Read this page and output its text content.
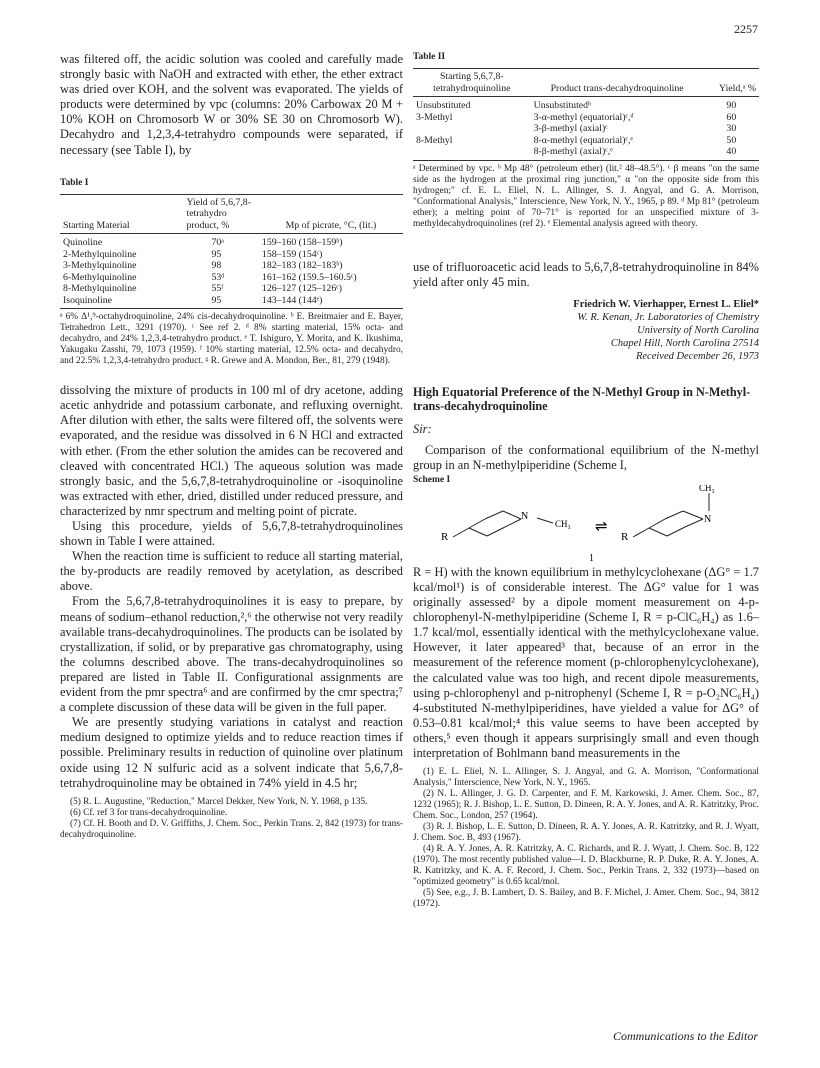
2257

was filtered off, the acidic solution was cooled and carefully made strongly basic with NaOH and extracted with ether, the ether extract was dried over KOH, and the solvent was evaporated. The yields of products were determined by vpc (columns: 20% Carbowax 20 M + 10% KOH on Chromosorb W or 30% SE 30 on Chromosorb W). Decahydro and 1,2,3,4-tetrahydro compounds were separated, if necessary (see Table I), by

Table I
Starting Material	Yield of 5,6,7,8-tetrahydro product, %	Mp of picrate, °C, (lit.)
Quinoline	70ᵃ	159–160 (158–159ᵇ)
2-Methylquinoline	95	158–159 (154ᶜ)
3-Methylquinoline	98	182–183 (182–183ᵇ)
6-Methylquinoline	53ᵈ	161–162 (159.5–160.5ᶜ)
8-Methylquinoline	55ᶠ	126–127 (125–126ᶜ)
Isoquinoline	95	143–144 (144ᵉ)
ᵃ 6% Δ¹,⁹-octahydroquinoline, 24% cis-decahydroquinoline. ᵇ E. Breitmaier and E. Bayer, Tetrahedron Lett., 3291 (1970). ᶜ See ref 2. ᵈ 8% starting material, 15% octa- and decahydro, and 24% 1,2,3,4-tetrahydro product. ᵉ T. Ishiguro, Y. Morita, and K. Ikushima, Yakugaku Zasshi, 79, 1073 (1959). ᶠ 10% starting material, 12.5% octa- and decahydro, and 22.5% 1,2,3,4-tetrahydro product. ᵍ R. Grewe and A. Mondon, Ber., 81, 279 (1948).

dissolving the mixture of products in 100 ml of dry acetone, adding acetic anhydride and potassium carbonate, and refluxing overnight. After dilution with ether, the salts were filtered off, the solvents were evaporated, and the residue was dissolved in 6 N HCl and extracted with ether. (From the ether solution the amides can be recovered and cleaved with concentrated HCl.) The aqueous solution was made strongly basic, and the 5,6,7,8-tetrahydroquinoline or -isoquinoline was extracted with ether, dried, distilled under reduced pressure, and characterized by nmr spectrum and melting point of picrate.

Using this procedure, yields of 5,6,7,8-tetrahydroquinolines shown in Table I were attained.

When the reaction time is sufficient to reduce all starting material, the by-products are readily removed by acetylation, as described above.

From the 5,6,7,8-tetrahydroquinolines it is easy to prepare, by means of sodium–ethanol reduction,²,⁶ the otherwise not very readily available trans-decahydroquinolines. The products can be isolated by crystallization, if solid, or by preparative gas chromatography, using the columns described above. The trans-decahydroquinolines so prepared are listed in Table II. Configurational assignments are evident from the pmr spectra⁶ and are confirmed by the cmr spectra;⁷ a complete discussion of these data will be given in the full paper.

We are presently studying variations in catalyst and reaction medium designed to optimize yields and to reduce reaction times if possible. Preliminary results in reduction of quinoline over platinum oxide using 12 N sulfuric acid as a solvent indicate that 5,6,7,8-tetrahydroquinoline may be obtained in 74% yield in 4.5 hr;

(5) R. L. Augustine, "Reduction," Marcel Dekker, New York, N. Y. 1968, p 135.
(6) Cf. ref 3 for trans-decahydroquinoline.
(7) Cf. H. Booth and D. V. Griffiths, J. Chem. Soc., Perkin Trans. 2, 842 (1973) for trans-decahydroquinoline.
Table II
Starting 5,6,7,8-tetrahydroquinoline	Product trans-decahydroquinoline	Yield,ᵃ %
Unsubstituted	Unsubstitutedᵇ	90
3-Methyl	3-α-methyl (equatorial)ᶜ,ᵈ	60
	3-β-methyl (axial)ᶜ	30
8-Methyl	8-α-methyl (equatorial)ᶜ,ᵉ	50
	8-β-methyl (axial)ᶜ,ᵉ	40
ᵃ Determined by vpc. ᵇ Mp 48° (petroleum ether) (lit.² 48–48.5°). ᶜ β means "on the same side as the hydrogen at the proximal ring junction," α "on the opposite side from this hydrogen;" cf. E. L. Eliel, N. L. Allinger, S. J. Angyal, and G. A. Morrison, "Conformational Analysis," Interscience, New York, N. Y., 1965, p 89. ᵈ Mp 81° (petroleum ether); a melting point of 70–71° is reported for an unspecified mixture of 3-methyldecahydroquinolines (ref 2). ᵉ Elemental analysis agreed with theory.

use of trifluoroacetic acid leads to 5,6,7,8-tetrahydroquinoline in 84% yield after only 45 min.

Friedrich W. Vierhapper, Ernest L. Eliel*
W. R. Kenan, Jr. Laboratories of Chemistry
University of North Carolina
Chapel Hill, North Carolina 27514
Received December 26, 1973
High Equatorial Preference of the N-Methyl Group in N-Methyl-trans-decahydroquinoline
Sir:

Comparison of the conformational equilibrium of the N-methyl group in an N-methylpiperidine (Scheme I,

Scheme I
R
N
CH₃ ⇌
R
N
CH₃
1

R = H) with the known equilibrium in methylcyclohexane (ΔG° = 1.7 kcal/mol¹) is of considerable interest. The ΔG° value for 1 was originally assessed² by a dipole moment measurement on 4-p-chlorophenyl-N-methylpiperidine (Scheme I, R = p-ClC₆H₄) as 1.6–1.7 kcal/mol, essentially identical with the methylcyclohexane value. However, it later appeared³ that, because of an error in the measurement of the reference moment (p-chlorophenylcyclohexane), the calculated value was too high, and recent dipole measurements, using p-chlorophenyl and p-nitrophenyl (Scheme I, R = p-O₂NC₆H₄) 4-substituted N-methylpiperidines, have yielded a value for ΔG° of 0.53–0.81 kcal/mol;⁴ this value seems to have been accepted by others,⁵ even though it appears surprisingly small and even though interpretation of Bohlmann band measurements in the

(1) E. L. Eliel, N. L. Allinger, S. J. Angyal, and G. A. Morrison, "Conformational Analysis," Interscience, New York, N. Y., 1965.
(2) N. L. Allinger, J. G. D. Carpenter, and F. M. Karkowski, J. Amer. Chem. Soc., 87, 1232 (1965); R. J. Bishop, L. E. Sutton, D. Dineen, R. A. Y. Jones, and A. R. Katritzky, Proc. Chem. Soc., London, 257 (1964).
(3) R. J. Bishop, L. E. Sutton, D. Dineen, R. A. Y. Jones, A. R. Katritzky, and R. J. Wyatt, J. Chem. Soc. B, 493 (1967).
(4) R. A. Y. Jones, A. R. Katritzky, A. C. Richards, and R. J. Wyatt, J. Chem. Soc. B, 122 (1970). The most recently published value—I. D. Blackburne, R. P. Duke, R. A. Y. Jones, A. R. Katritzky, and K. A. F. Record, J. Chem. Soc., Perkin Trans. 2, 332 (1973)—based on "optimized geometry" is 0.65 kcal/mol.
(5) See, e.g., J. B. Lambert, D. S. Bailey, and B. F. Michel, J. Amer. Chem. Soc., 94, 3812 (1972).
Communications to the Editor
